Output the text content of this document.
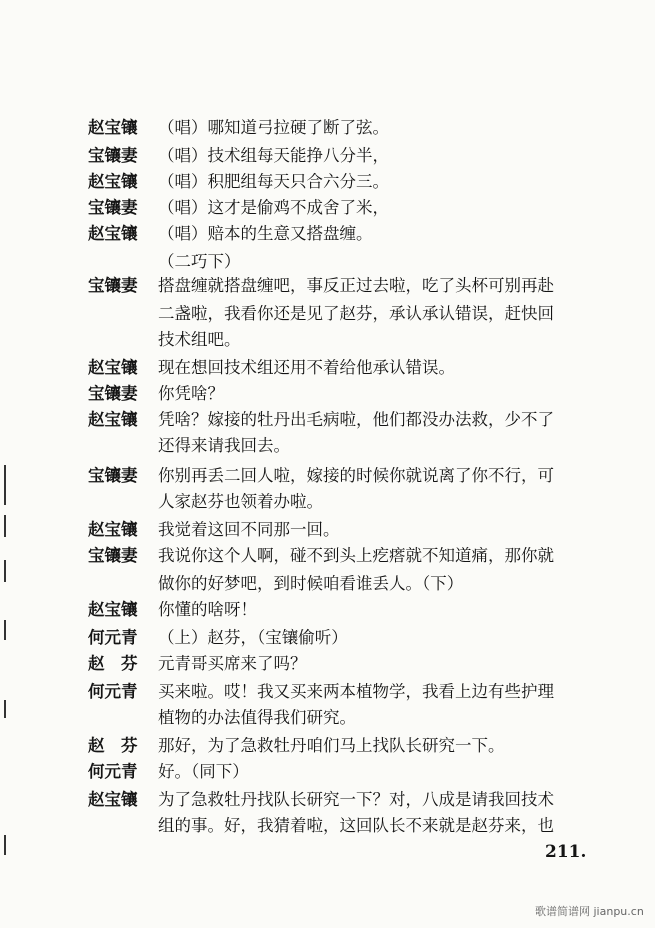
赵宝镶 （唱）哪知道弓拉硬了断了弦。
宝镶妻 （唱）技术组每天能挣八分半，
赵宝镶 （唱）积肥组每天只合六分三。
宝镶妻 （唱）这才是偷鸡不成舍了米，
赵宝镶 （唱）赔本的生意又搭盘缠。
（二巧下）
宝镶妻 搭盘缠就搭盘缠吧，事反正过去啦，吃了头杯可别再赴
二盏啦，我看你还是见了赵芬，承认承认错误，赶快回
技术组吧。
赵宝镶 现在想回技术组还用不着给他承认错误。
宝镶妻 你凭啥？
赵宝镶 凭啥？嫁接的牡丹出毛病啦，他们都没办法救，少不了
还得来请我回去。
宝镶妻 你别再丢二回人啦，嫁接的时候你就说离了你不行，可
人家赵芬也领着办啦。
赵宝镶 我觉着这回不同那一回。
宝镶妻 我说你这个人啊，碰不到头上疙瘩就不知道痛，那你就
做你的好梦吧，到时候咱看谁丢人。（下）
赵宝镶 你懂的啥呀！
何元青 （上）赵芬，（宝镶偷听）
赵　芬 元青哥买席来了吗？
何元青 买来啦。哎！我又买来两本植物学，我看上边有些护理
植物的办法值得我们研究。
赵　芬 那好，为了急救牡丹咱们马上找队长研究一下。
何元青 好。（同下）
赵宝镶 为了急救牡丹找队长研究一下？对，八成是请我回技术
组的事。好，我猜着啦，这回队长不来就是赵芬来，也
211.
歌谱简谱网 jianpu.cn
